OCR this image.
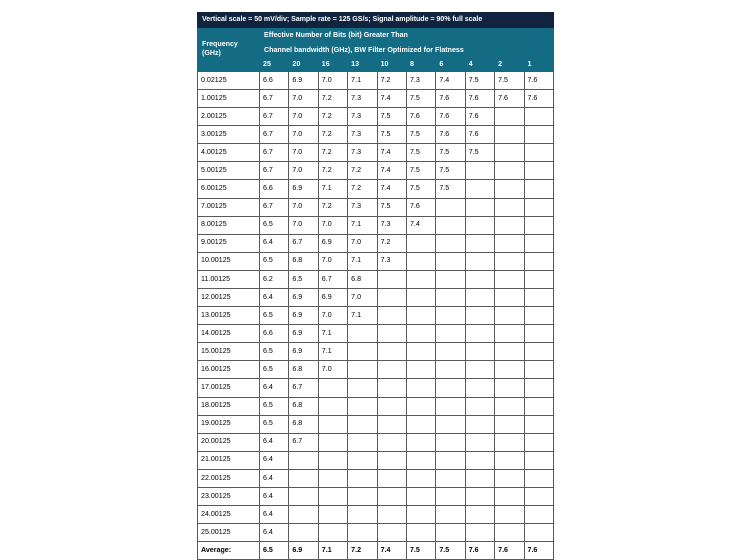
Vertical scale = 50 mV/div; Sample rate = 125 GS/s; Signal amplitude = 90% full scale										
Frequency
(GHz)	Effective Number of Bits (bit) Greater Than									
	Channel bandwidth (GHz), BW Filter Optimized for Flatness									
	25	20	16	13	10	8	6	4	2	1
0.02125	6.6	6.9	7.0	7.1	7.2	7.3	7.4	7.5	7.5	7.6
1.00125	6.7	7.0	7.2	7.3	7.4	7.5	7.6	7.6	7.6	7.6
2.00125	6.7	7.0	7.2	7.3	7.5	7.6	7.6	7.6		
3.00125	6.7	7.0	7.2	7.3	7.5	7.5	7.6	7.6		
4.00125	6.7	7.0	7.2	7.3	7.4	7.5	7.5	7.5		
5.00125	6.7	7.0	7.2	7.2	7.4	7.5	7.5			
6.00125	6.6	6.9	7.1	7.2	7.4	7.5	7.5			
7.00125	6.7	7.0	7.2	7.3	7.5	7.6				
8.00125	6.5	7.0	7.0	7.1	7.3	7.4				
9.00125	6.4	6.7	6.9	7.0	7.2					
10.00125	6.5	6.8	7.0	7.1	7.3					
11.00125	6.2	6.5	6.7	6.8						
12.00125	6.4	6.9	6.9	7.0						
13.00125	6.5	6.9	7.0	7.1						
14.00125	6.6	6.9	7.1							
15.00125	6.5	6.9	7.1							
16.00125	6.5	6.8	7.0							
17.00125	6.4	6.7								
18.00125	6.5	6.8								
19.00125	6.5	6.8								
20.00125	6.4	6.7								
21.00125	6.4									
22.00125	6.4									
23.00125	6.4									
24.00125	6.4									
25.00125	6.4									
Average:	6.5	6.9	7.1	7.2	7.4	7.5	7.5	7.6	7.6	7.6
